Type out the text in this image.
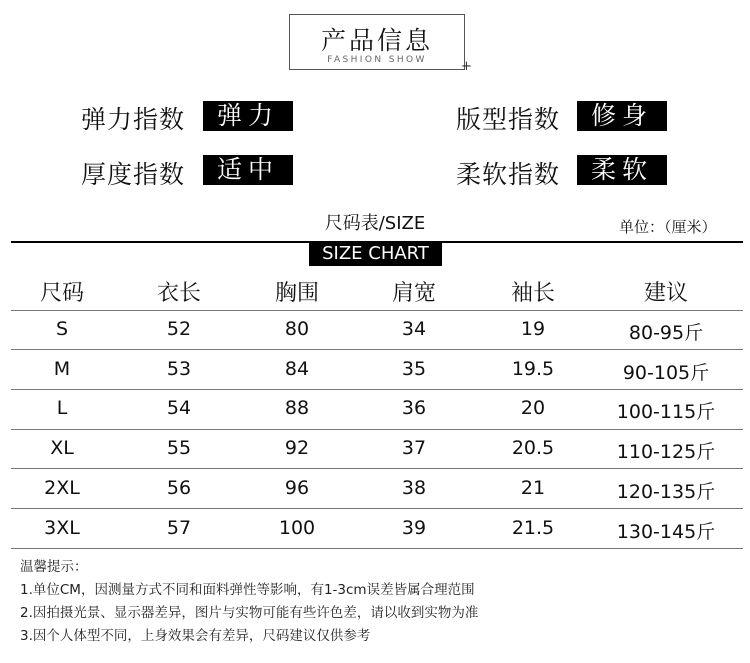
产品信息
FASHION SHOW	+
弹力指数	弹力	版型指数	修身
厚度指数	适中	柔软指数	柔软
尺码表/SIZE	单位：（厘米）
SIZE CHART
尺码	衣长	胸围	肩宽	袖长	建议
S	52	80	34	19	80-95斤
M	53	84	35	19.5	90-105斤
L	54	88	36	20	100-115斤
XL	55	92	37	20.5	110-125斤
2XL	56	96	38	21	120-135斤
3XL	57	100	39	21.5	130-145斤
温馨提示：
1.单位CM，因测量方式不同和面料弹性等影响，有1-3cm误差皆属合理范围
2.因拍摄光景、显示器差异，图片与实物可能有些许色差，请以收到实物为准
3.因个人体型不同，上身效果会有差异，尺码建议仅供参考
